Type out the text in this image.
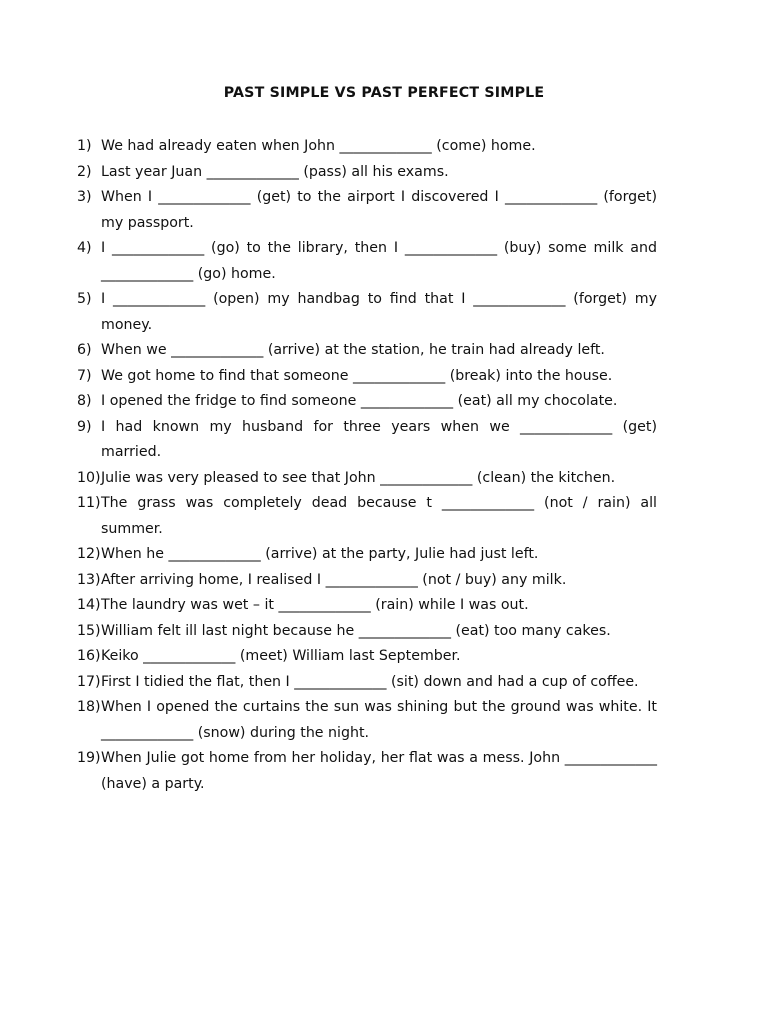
PAST SIMPLE VS PAST PERFECT SIMPLE
1) We had already eaten when John _____________ (come) home.
2) Last year Juan _____________ (pass) all his exams.
3) When I _____________ (get) to the airport I discovered I _____________ (forget) my passport.
4) I _____________ (go) to the library, then I _____________ (buy) some milk and _____________ (go) home.
5) I _____________ (open) my handbag to find that I _____________ (forget) my money.
6) When we _____________ (arrive) at the station, he train had already left.
7) We got home to find that someone _____________ (break) into the house.
8) I opened the fridge to find someone _____________ (eat) all my chocolate.
9) I had known my husband for three years when we _____________ (get) married.
10) Julie was very pleased to see that John _____________ (clean) the kitchen.
11) The grass was completely dead because t _____________ (not / rain) all summer.
12) When he _____________ (arrive) at the party, Julie had just left.
13) After arriving home, I realised I _____________ (not / buy) any milk.
14) The laundry was wet – it _____________ (rain) while I was out.
15) William felt ill last night because he _____________ (eat) too many cakes.
16) Keiko _____________ (meet) William last September.
17) First I tidied the flat, then I _____________ (sit) down and had a cup of coffee.
18) When I opened the curtains the sun was shining but the ground was white. It _____________ (snow) during the night.
19) When Julie got home from her holiday, her flat was a mess. John _____________ (have) a party.
